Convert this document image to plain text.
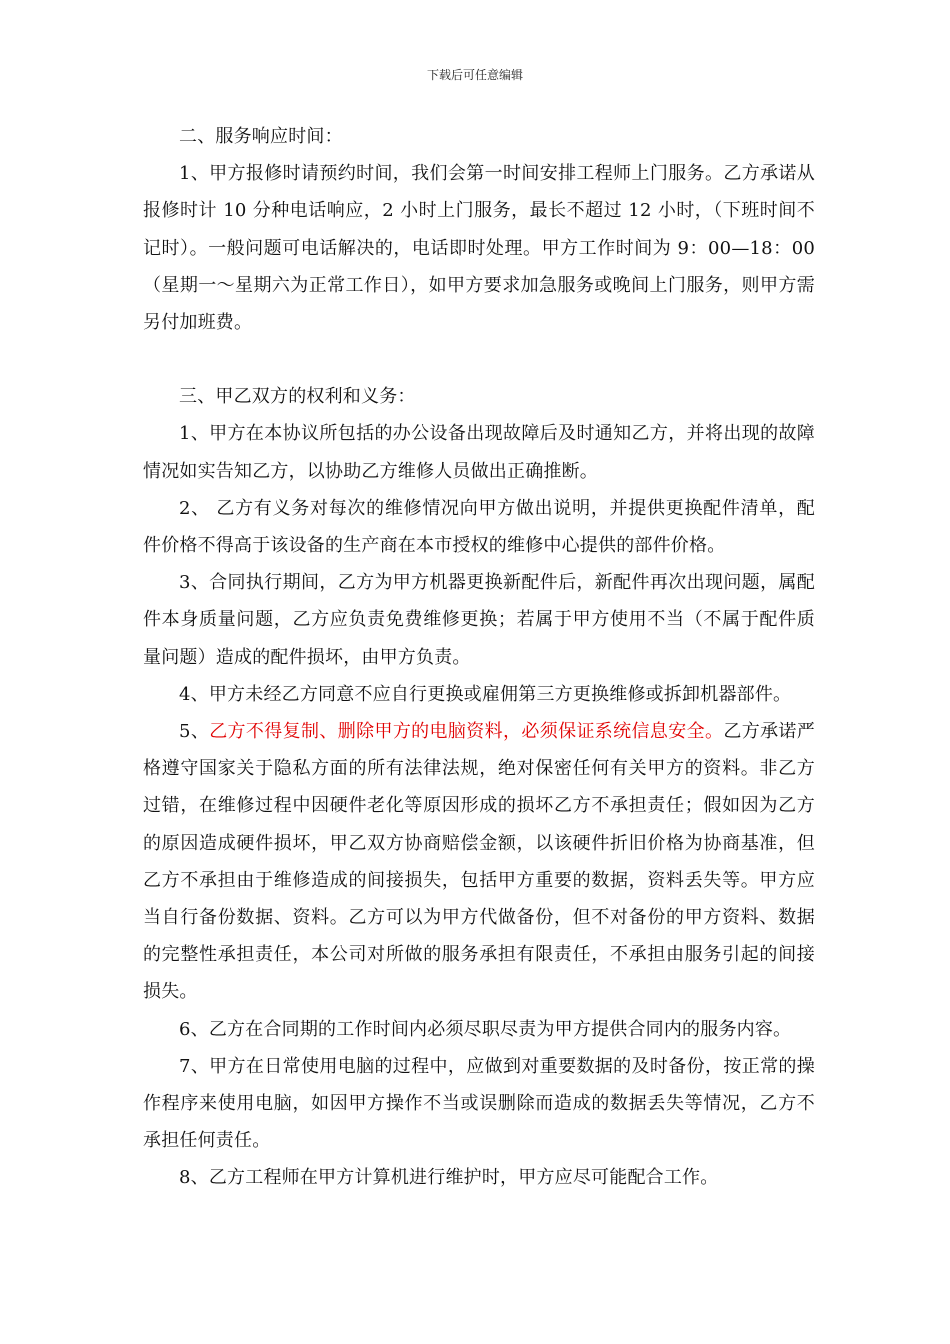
下载后可任意编辑

二、服务响应时间：

1、甲方报修时请预约时间，我们会第一时间安排工程师上门服务。乙方承诺从报修时计 10 分种电话响应，2 小时上门服务，最长不超过 12 小时，（下班时间不记时）。一般问题可电话解决的，电话即时处理。甲方工作时间为 9：00—18：00（星期一～星期六为正常工作日），如甲方要求加急服务或晚间上门服务，则甲方需另付加班费。

三、甲乙双方的权利和义务：

1、甲方在本协议所包括的办公设备出现故障后及时通知乙方，并将出现的故障情况如实告知乙方，以协助乙方维修人员做出正确推断。

2、 乙方有义务对每次的维修情况向甲方做出说明，并提供更换配件清单，配件价格不得高于该设备的生产商在本市授权的维修中心提供的部件价格。

3、合同执行期间，乙方为甲方机器更换新配件后，新配件再次出现问题，属配件本身质量问题，乙方应负责免费维修更换；若属于甲方使用不当（不属于配件质量问题）造成的配件损坏，由甲方负责。

4、甲方未经乙方同意不应自行更换或雇佣第三方更换维修或拆卸机器部件。

5、乙方不得复制、删除甲方的电脑资料，必须保证系统信息安全。乙方承诺严格遵守国家关于隐私方面的所有法律法规，绝对保密任何有关甲方的资料。非乙方过错，在维修过程中因硬件老化等原因形成的损坏乙方不承担责任；假如因为乙方的原因造成硬件损坏，甲乙双方协商赔偿金额，以该硬件折旧价格为协商基准，但乙方不承担由于维修造成的间接损失，包括甲方重要的数据，资料丢失等。甲方应当自行备份数据、资料。乙方可以为甲方代做备份，但不对备份的甲方资料、数据的完整性承担责任，本公司对所做的服务承担有限责任，不承担由服务引起的间接损失。

6、乙方在合同期的工作时间内必须尽职尽责为甲方提供合同内的服务内容。

7、甲方在日常使用电脑的过程中，应做到对重要数据的及时备份，按正常的操作程序来使用电脑，如因甲方操作不当或误删除而造成的数据丢失等情况，乙方不承担任何责任。

8、乙方工程师在甲方计算机进行维护时，甲方应尽可能配合工作。
